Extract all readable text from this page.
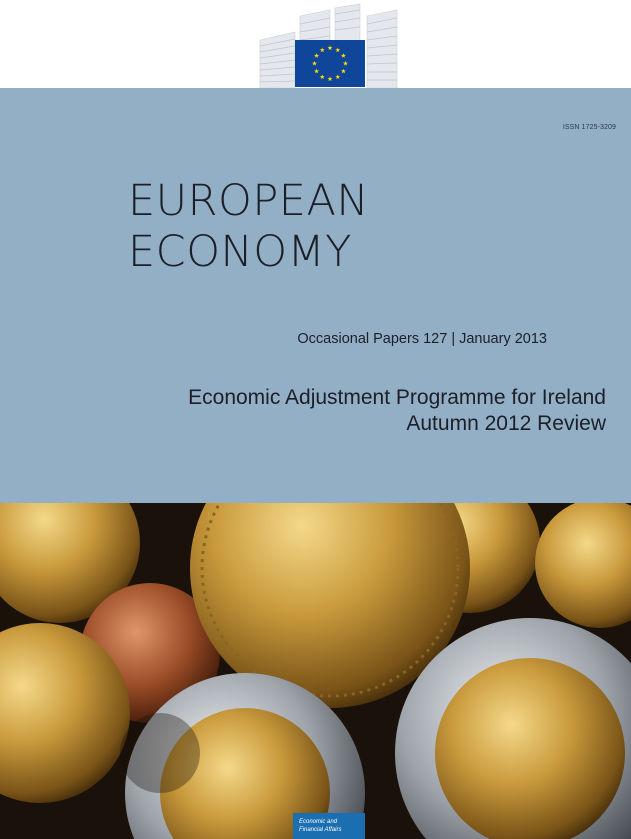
ISSN 1725-3209
EUROPEAN
ECONOMY
Occasional Papers 127 | January 2013
Economic Adjustment Programme for Ireland
Autumn 2012 Review
Economic and
Financial Affairs
